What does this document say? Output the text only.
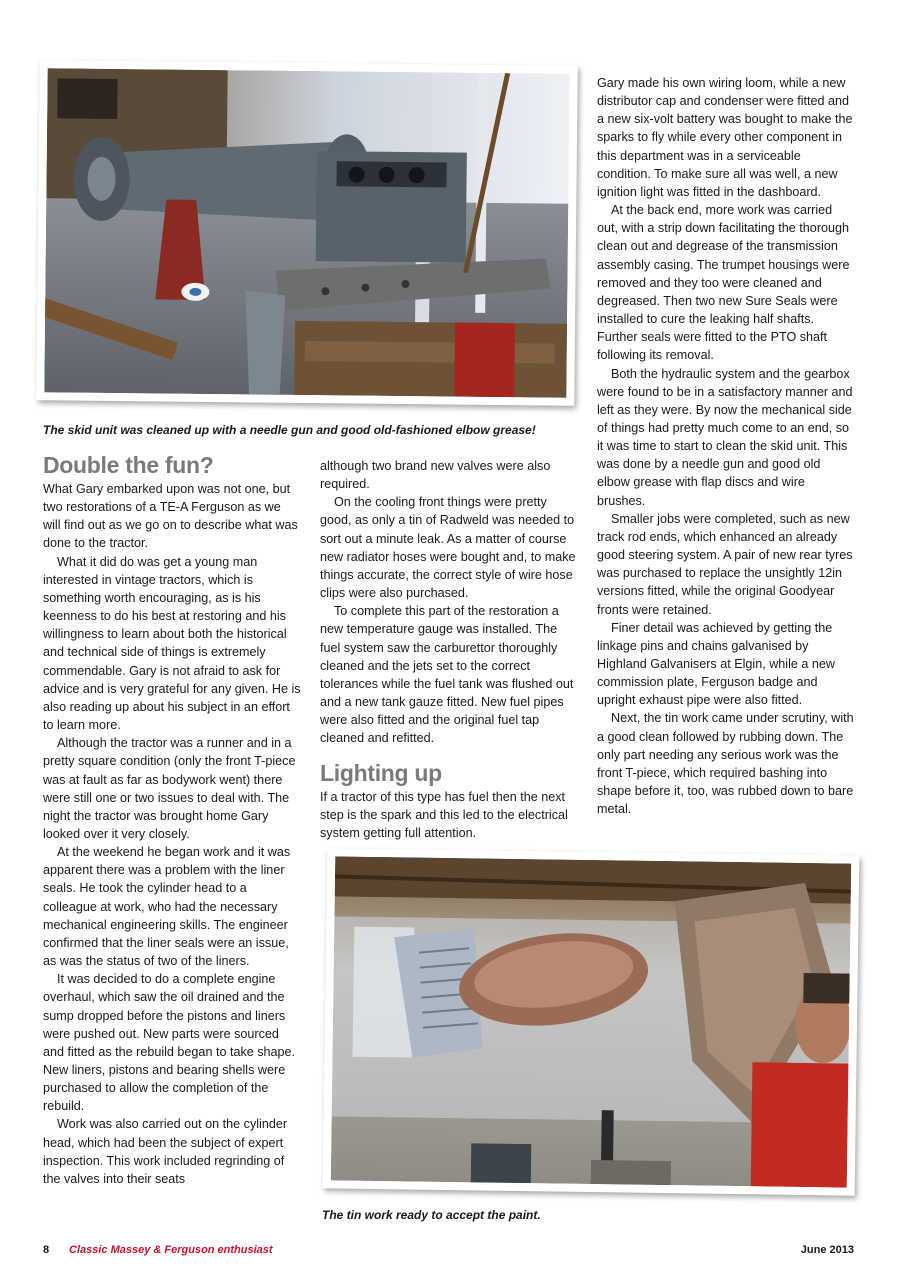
The skid unit was cleaned up with a needle gun and good old-fashioned elbow grease!
Double the fun?

What Gary embarked upon was not one, but two restorations of a TE-A Ferguson as we will find out as we go on to describe what was done to the tractor.

What it did do was get a young man interested in vintage tractors, which is something worth encouraging, as is his keenness to do his best at restoring and his willingness to learn about both the historical and technical side of things is extremely commendable. Gary is not afraid to ask for advice and is very grateful for any given. He is also reading up about his subject in an effort to learn more.

Although the tractor was a runner and in a pretty square condition (only the front T-piece was at fault as far as bodywork went) there were still one or two issues to deal with. The night the tractor was brought home Gary looked over it very closely.

At the weekend he began work and it was apparent there was a problem with the liner seals. He took the cylinder head to a colleague at work, who had the necessary mechanical engineering skills. The engineer confirmed that the liner seals were an issue, as was the status of two of the liners.

It was decided to do a complete engine overhaul, which saw the oil drained and the sump dropped before the pistons and liners were pushed out. New parts were sourced and fitted as the rebuild began to take shape. New liners, pistons and bearing shells were purchased to allow the completion of the rebuild.

Work was also carried out on the cylinder head, which had been the subject of expert inspection. This work included regrinding of the valves into their seats

although two brand new valves were also required.

On the cooling front things were pretty good, as only a tin of Radweld was needed to sort out a minute leak. As a matter of course new radiator hoses were bought and, to make things accurate, the correct style of wire hose clips were also purchased.

To complete this part of the restoration a new temperature gauge was installed. The fuel system saw the carburettor thoroughly cleaned and the jets set to the correct tolerances while the fuel tank was flushed out and a new tank gauze fitted. New fuel pipes were also fitted and the original fuel tap cleaned and refitted.

Lighting up

If a tractor of this type has fuel then the next step is the spark and this led to the electrical system getting full attention.

Gary made his own wiring loom, while a new distributor cap and condenser were fitted and a new six-volt battery was bought to make the sparks to fly while every other component in this department was in a serviceable condition. To make sure all was well, a new ignition light was fitted in the dashboard.

At the back end, more work was carried out, with a strip down facilitating the thorough clean out and degrease of the transmission assembly casing. The trumpet housings were removed and they too were cleaned and degreased. Then two new Sure Seals were installed to cure the leaking half shafts. Further seals were fitted to the PTO shaft following its removal.

Both the hydraulic system and the gearbox were found to be in a satisfactory manner and left as they were. By now the mechanical side of things had pretty much come to an end, so it was time to start to clean the skid unit. This was done by a needle gun and good old elbow grease with flap discs and wire brushes.

Smaller jobs were completed, such as new track rod ends, which enhanced an already good steering system. A pair of new rear tyres was purchased to replace the unsightly 12in versions fitted, while the original Goodyear fronts were retained.

Finer detail was achieved by getting the linkage pins and chains galvanised by Highland Galvanisers at Elgin, while a new commission plate, Ferguson badge and upright exhaust pipe were also fitted.

Next, the tin work came under scrutiny, with a good clean followed by rubbing down. The only part needing any serious work was the front T-piece, which required bashing into shape before it, too, was rubbed down to bare metal.

The tin work ready to accept the paint.
8 Classic Massey & Ferguson enthusiast	June 2013
